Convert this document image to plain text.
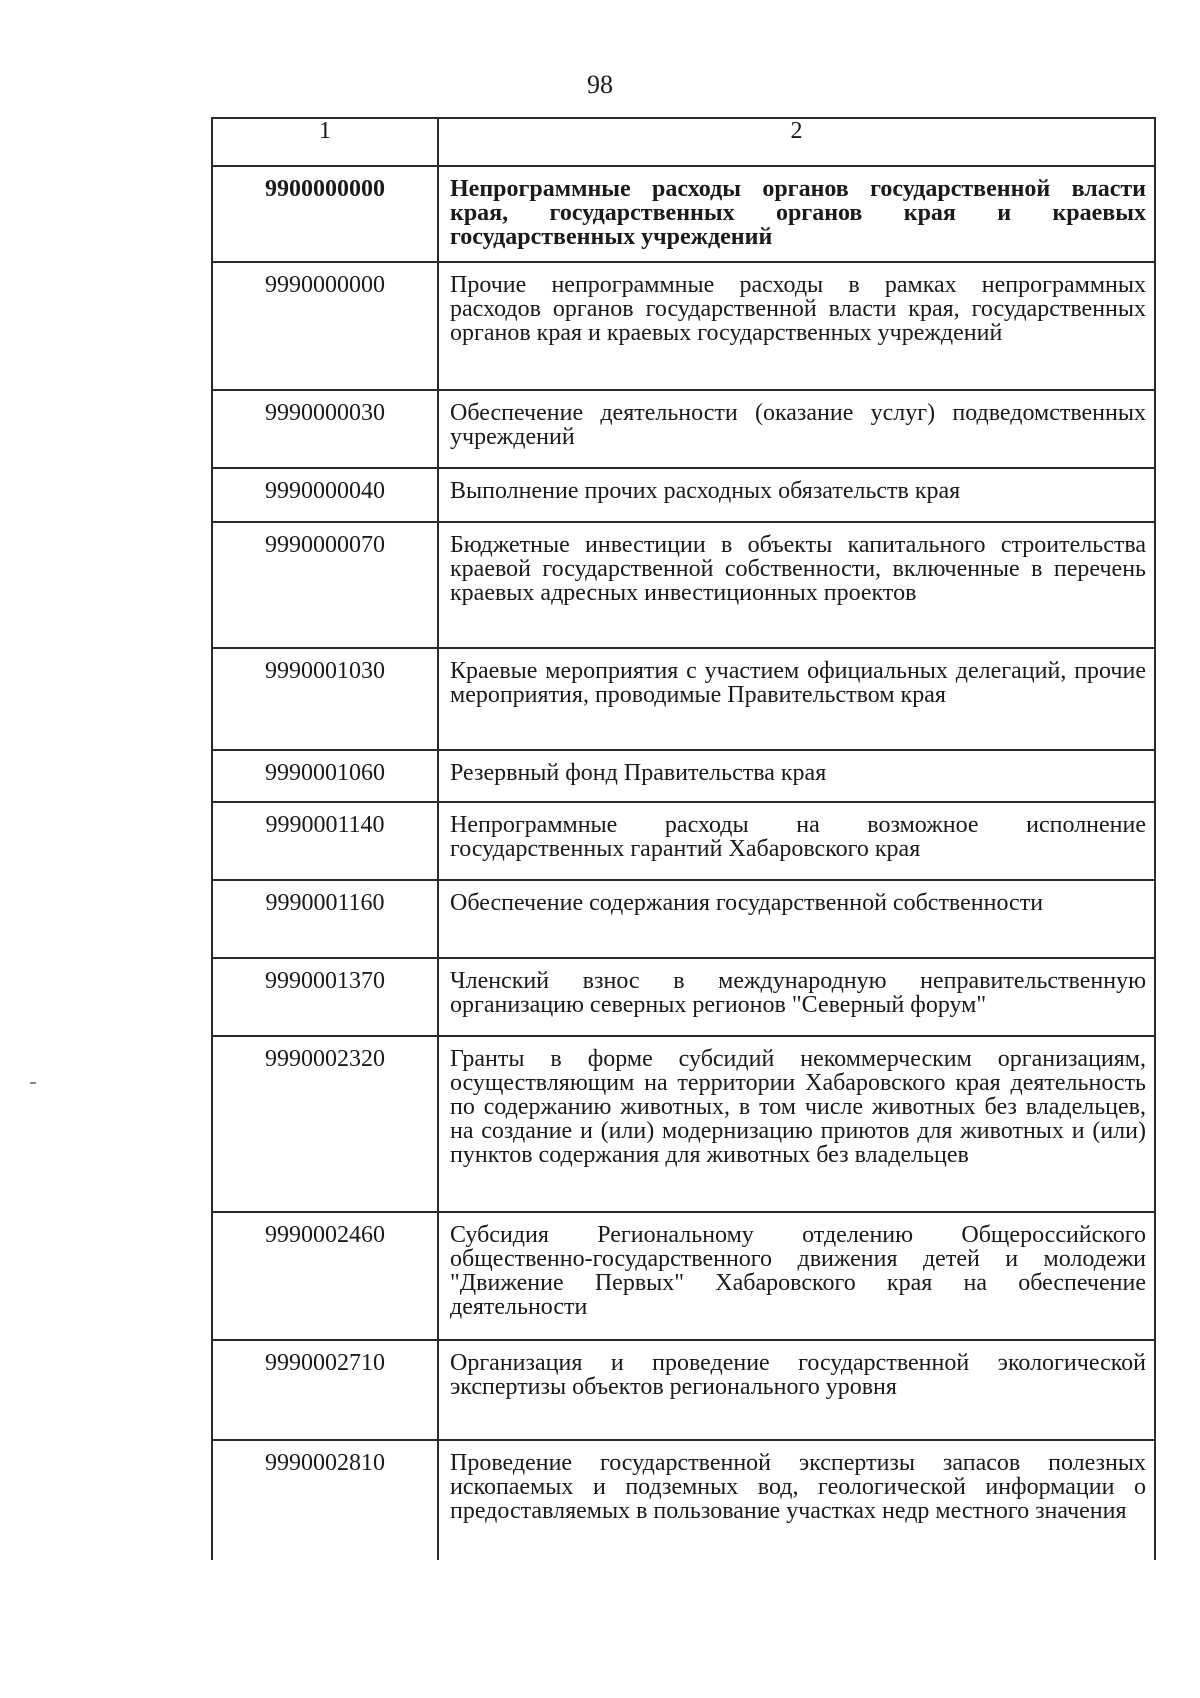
98
1	2

9900000000	Непрограммные расходы органов государственной власти края, государственных органов края и краевых государственных учреждений

9990000000	Прочие непрограммные расходы в рамках непрограммных расходов органов государственной власти края, государственных органов края и краевых государственных учреждений

9990000030	Обеспечение деятельности (оказание услуг) подведомственных учреждений

9990000040	Выполнение прочих расходных обязательств края

9990000070	Бюджетные инвестиции в объекты капитального строительства краевой государственной собственности, включенные в перечень краевых адресных инвестиционных проектов

9990001030	Краевые мероприятия с участием официальных делегаций, прочие мероприятия, проводимые Правительством края

9990001060	Резервный фонд Правительства края

9990001140	Непрограммные расходы на возможное исполнение государственных гарантий Хабаровского края

9990001160	Обеспечение содержания государственной собственности

9990001370	Членский взнос в международную неправительственную организацию северных регионов "Северный форум"

9990002320	Гранты в форме субсидий некоммерческим организациям, осуществляющим на территории Хабаровского края деятельность по содержанию животных, в том числе животных без владельцев, на создание и (или) модернизацию приютов для животных и (или) пунктов содержания для животных без владельцев

9990002460	Субсидия Региональному отделению Общероссийского общественно-государственного движения детей и молодежи "Движение Первых" Хабаровского края на обеспечение деятельности

9990002710	Организация и проведение государственной экологической экспертизы объектов регионального уровня

9990002810	Проведение государственной экспертизы запасов полезных ископаемых и подземных вод, геологической информации о предоставляемых в пользование участках недр местного значения
